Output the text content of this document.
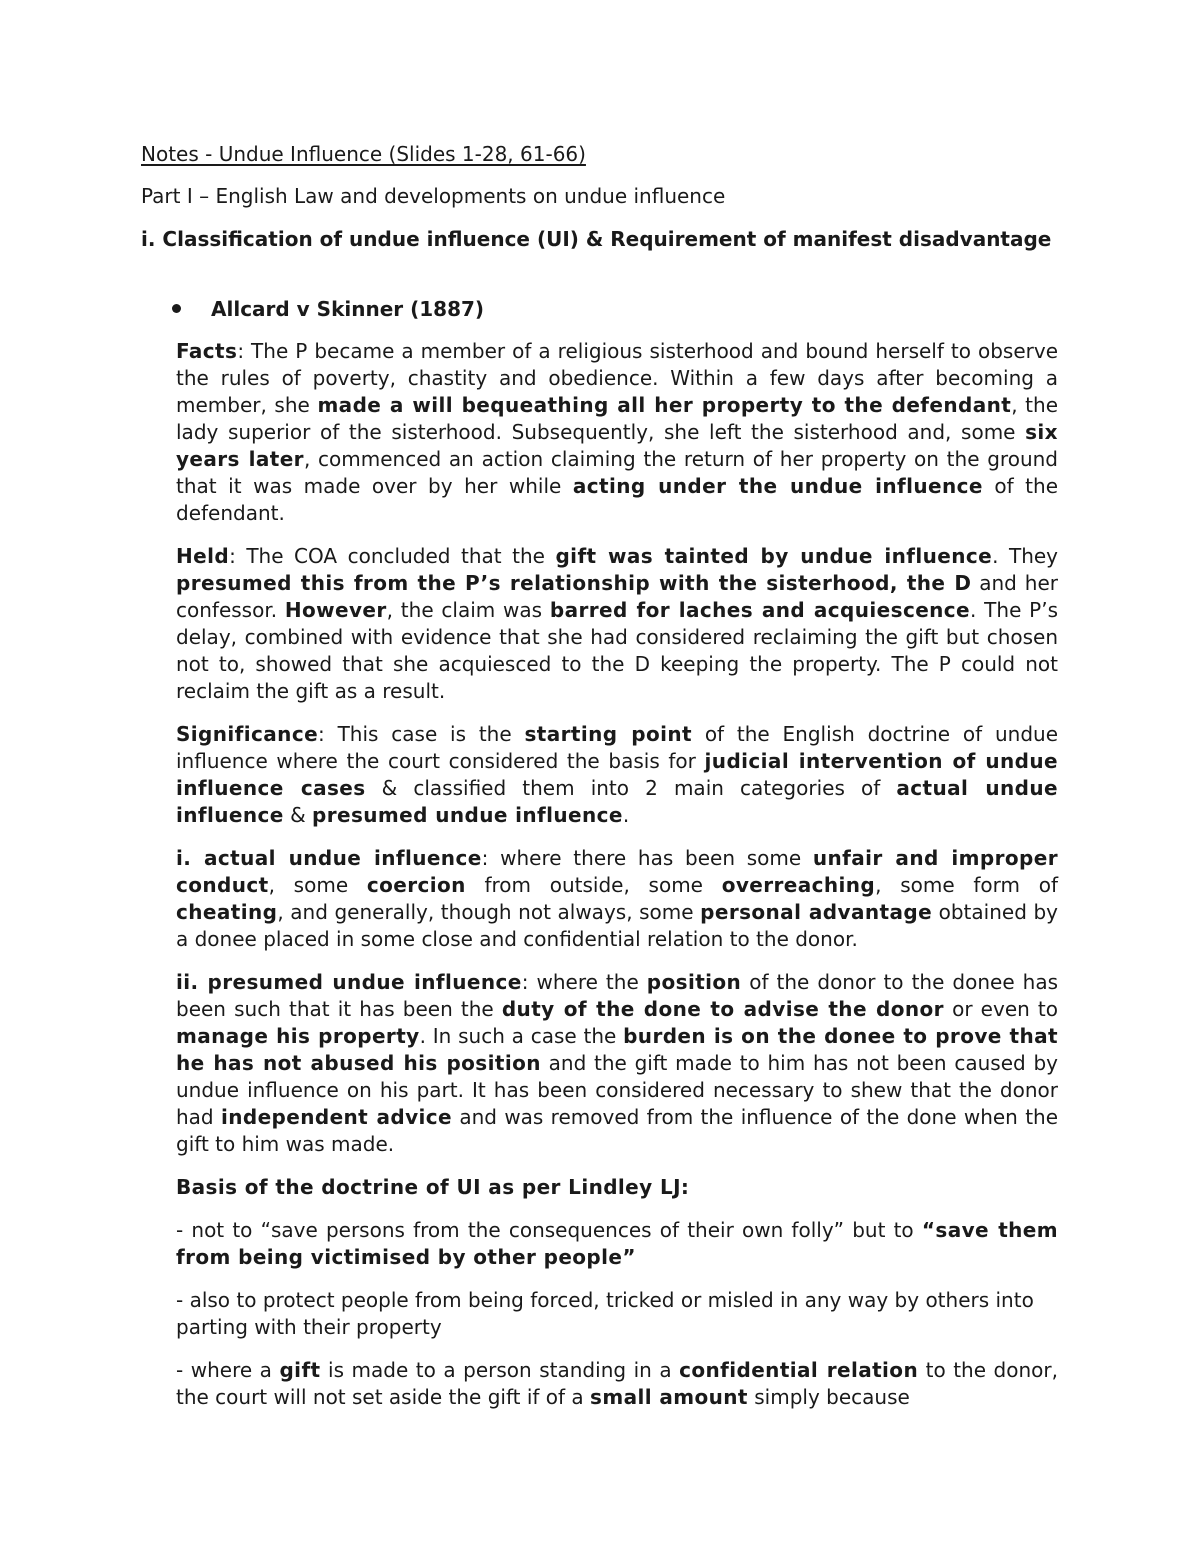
Notes - Undue Influence (Slides 1-28, 61-66)
Part I – English Law and developments on undue influence
i. Classification of undue influence (UI) & Requirement of manifest disadvantage
Allcard v Skinner (1887)

Facts: The P became a member of a religious sisterhood and bound herself to observe the rules of poverty, chastity and obedience. Within a few days after becoming a member, she made a will bequeathing all her property to the defendant, the lady superior of the sisterhood. Subsequently, she left the sisterhood and, some six years later, commenced an action claiming the return of her property on the ground that it was made over by her while acting under the undue influence of the defendant.

Held: The COA concluded that the gift was tainted by undue influence. They presumed this from the P’s relationship with the sisterhood, the D and her confessor. However, the claim was barred for laches and acquiescence. The P’s delay, combined with evidence that she had considered reclaiming the gift but chosen not to, showed that she acquiesced to the D keeping the property. The P could not reclaim the gift as a result.

Significance: This case is the starting point of the English doctrine of undue influence where the court considered the basis for judicial intervention of undue influence cases & classified them into 2 main categories of actual undue influence & presumed undue influence.

i. actual undue influence: where there has been some unfair and improper conduct, some coercion from outside, some overreaching, some form of cheating, and generally, though not always, some personal advantage obtained by a donee placed in some close and confidential relation to the donor.

ii. presumed undue influence: where the position of the donor to the donee has been such that it has been the duty of the done to advise the donor or even to manage his property. In such a case the burden is on the donee to prove that he has not abused his position and the gift made to him has not been caused by undue influence on his part. It has been considered necessary to shew that the donor had independent advice and was removed from the influence of the done when the gift to him was made.

Basis of the doctrine of UI as per Lindley LJ:

- not to “save persons from the consequences of their own folly” but to “save them from being victimised by other people”

- also to protect people from being forced, tricked or misled in any way by others into parting with their property

- where a gift is made to a person standing in a confidential relation to the donor, the court will not set aside the gift if of a small amount simply because
